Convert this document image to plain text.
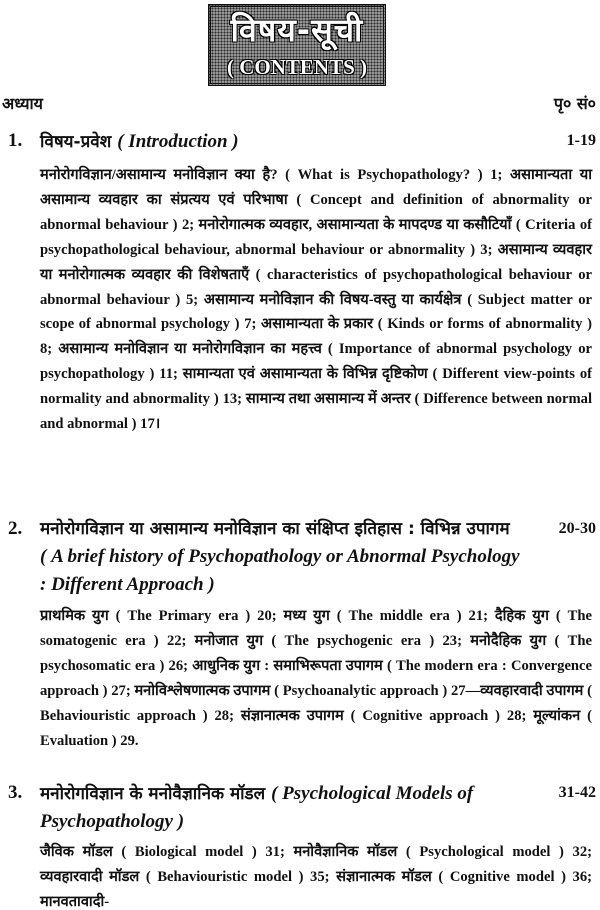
विषय-सूची
( CONTENTS )
अध्याय	पृ० सं०
1. विषय-प्रवेश ( Introduction )	1-19
मनोरोगविज्ञान/असामान्य मनोविज्ञान क्या है? ( What is Psychopathology? ) 1; असामान्यता या असामान्य व्यवहार का संप्रत्यय एवं परिभाषा ( Concept and definition of abnormality or abnormal behaviour ) 2; मनोरोगात्मक व्यवहार, असामान्यता के मापदण्ड या कसौटियाँ ( Criteria of psychopathological behaviour, abnormal behaviour or abnormality ) 3; असामान्य व्यवहार या मनोरोगात्मक व्यवहार की विशेषताएँ ( characteristics of psychopathological behaviour or abnormal behaviour ) 5; असामान्य मनोविज्ञान की विषय-वस्तु या कार्यक्षेत्र ( Subject matter or scope of abnormal psychology ) 7; असामान्यता के प्रकार ( Kinds or forms of abnormality ) 8; असामान्य मनोविज्ञान या मनोरोगविज्ञान का महत्त्व ( Importance of abnormal psychology or psychopathology ) 11; सामान्यता एवं असामान्यता के विभिन्न दृष्टिकोण ( Different view-points of normality and abnormality ) 13; सामान्य तथा असामान्य में अन्तर ( Difference between normal and abnormal ) 17।
2. मनोरोगविज्ञान या असामान्य मनोविज्ञान का संक्षिप्त इतिहास : विभिन्न उपागम ( A brief history of Psychopathology or Abnormal Psychology : Different Approach )
20-30
प्राथमिक युग ( The Primary era ) 20; मध्य युग ( The middle era ) 21; दैहिक युग ( The somatogenic era ) 22; मनोजात युग ( The psychogenic era ) 23; मनोदैहिक युग ( The psychosomatic era ) 26; आधुनिक युग : समाभिरूपता उपागम ( The modern era : Convergence approach ) 27; मनोविश्लेषणात्मक उपागम ( Psychoanalytic approach ) 27—व्यवहारवादी उपागम ( Behaviouristic approach ) 28; संज्ञानात्मक उपागम ( Cognitive approach ) 28; मूल्यांकन ( Evaluation ) 29.
3. मनोरोगविज्ञान के मनोवैज्ञानिक मॉडल ( Psychological Models of Psychopathology )
31-42
जैविक मॉडल ( Biological model ) 31; मनोवैज्ञानिक मॉडल ( Psychological model ) 32; व्यवहारवादी मॉडल ( Behaviouristic model ) 35; संज्ञानात्मक मॉडल ( Cognitive model ) 36; मानवतावादी-
